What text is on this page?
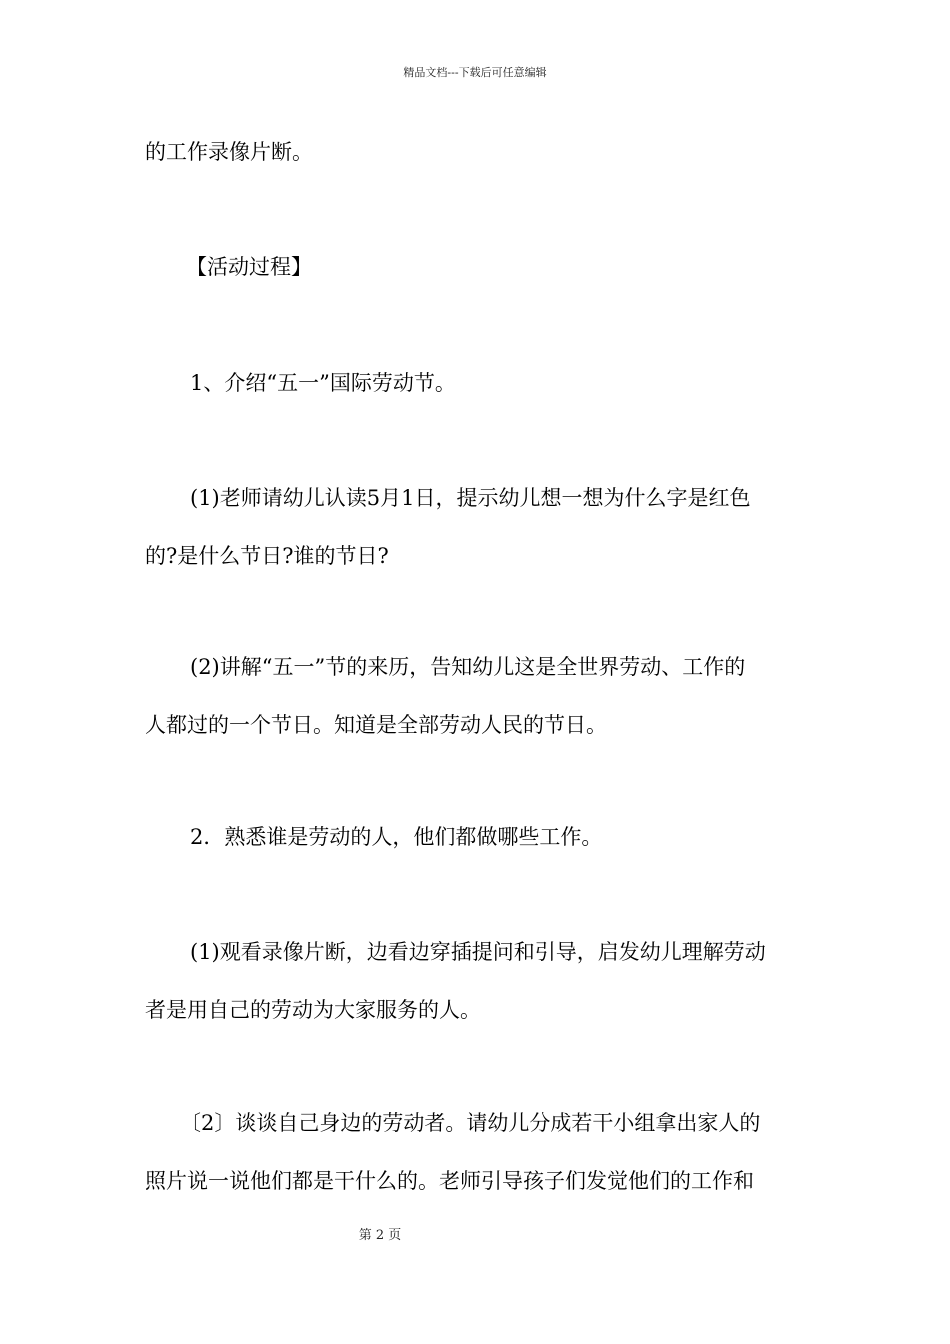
精品文档---下载后可任意编辑
的工作录像片断。
【活动过程】
1、介绍“五一”国际劳动节。
(1)老师请幼儿认读5月1日，提示幼儿想一想为什么字是红色
的?是什么节日?谁的节日?
(2)讲解“五一”节的来历，告知幼儿这是全世界劳动、工作的
人都过的一个节日。知道是全部劳动人民的节日。
2．熟悉谁是劳动的人，他们都做哪些工作。
(1)观看录像片断，边看边穿插提问和引导，启发幼儿理解劳动
者是用自己的劳动为大家服务的人。
〔2〕谈谈自己身边的劳动者。请幼儿分成若干小组拿出家人的
照片说一说他们都是干什么的。老师引导孩子们发觉他们的工作和
第 2 页
